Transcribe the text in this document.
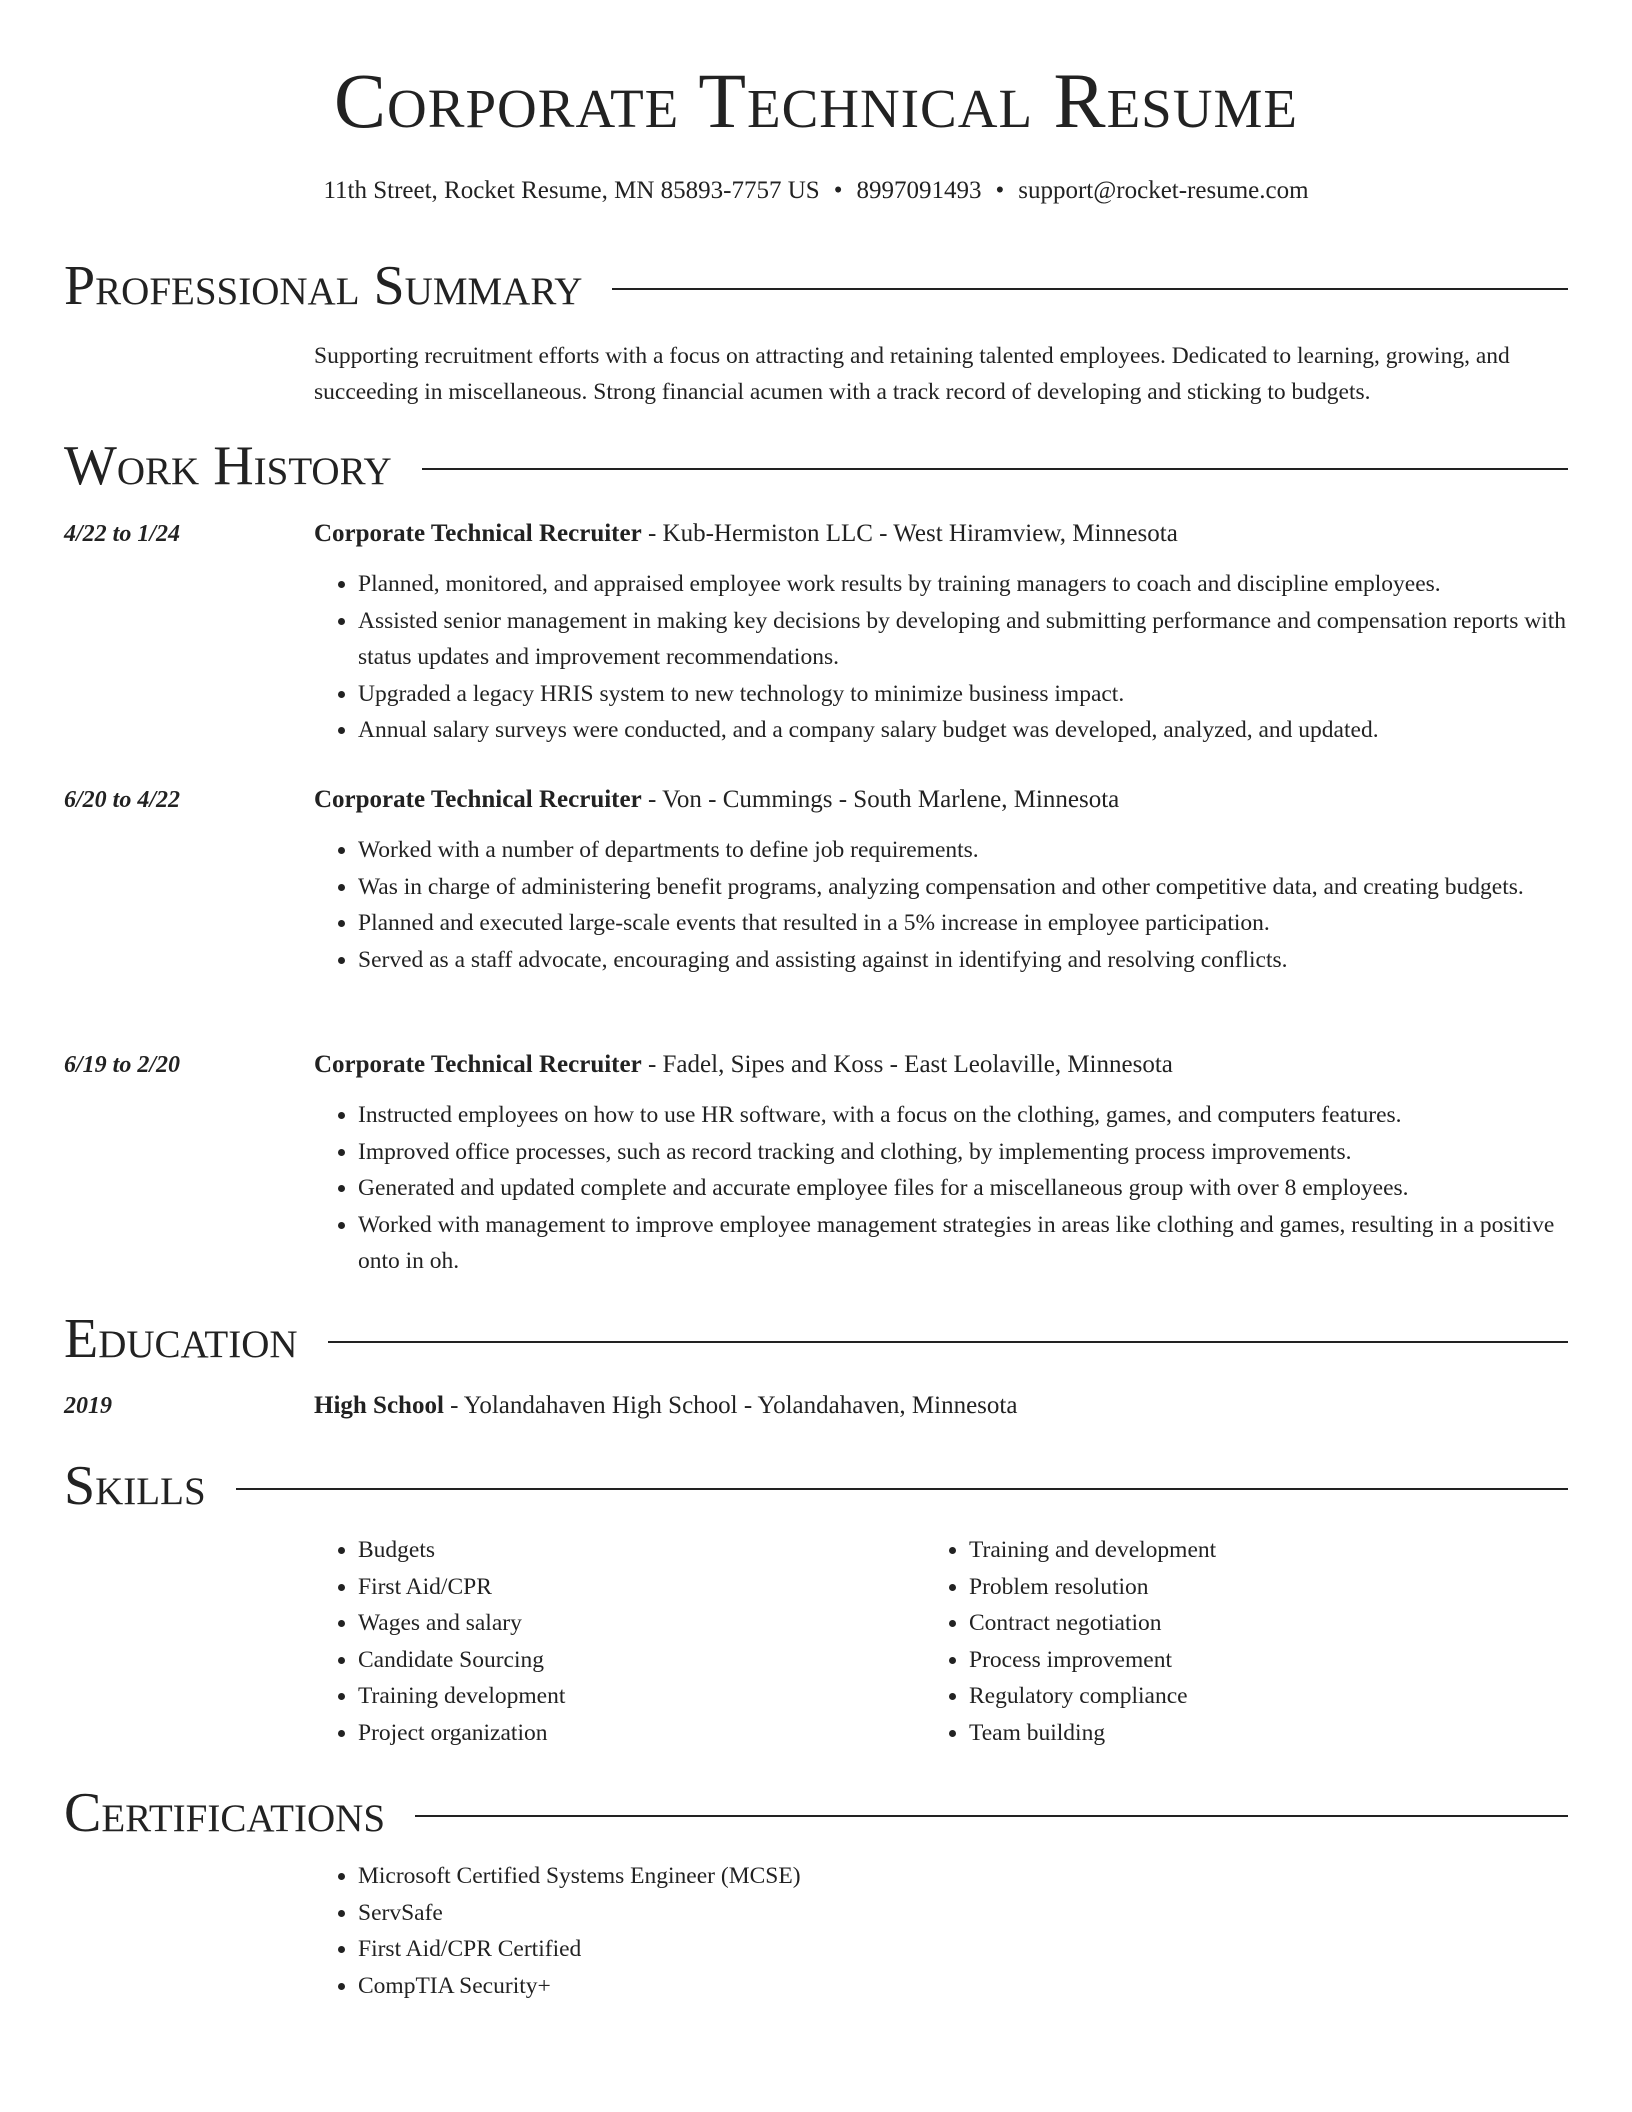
Corporate Technical Resume
11th Street, Rocket Resume, MN 85893-7757 US • 8997091493 • support@rocket-resume.com
Professional Summary
Supporting recruitment efforts with a focus on attracting and retaining talented employees. Dedicated to learning, growing, and succeeding in miscellaneous. Strong financial acumen with a track record of developing and sticking to budgets.
Work History
4/22 to 1/24	Corporate Technical Recruiter - Kub-Hermiston LLC - West Hiramview, Minnesota
• Planned, monitored, and appraised employee work results by training managers to coach and discipline employees.
• Assisted senior management in making key decisions by developing and submitting performance and compensation reports with status updates and improvement recommendations.
• Upgraded a legacy HRIS system to new technology to minimize business impact.
• Annual salary surveys were conducted, and a company salary budget was developed, analyzed, and updated.
6/20 to 4/22	Corporate Technical Recruiter - Von - Cummings - South Marlene, Minnesota
• Worked with a number of departments to define job requirements.
• Was in charge of administering benefit programs, analyzing compensation and other competitive data, and creating budgets.
• Planned and executed large-scale events that resulted in a 5% increase in employee participation.
• Served as a staff advocate, encouraging and assisting against in identifying and resolving conflicts.
6/19 to 2/20	Corporate Technical Recruiter - Fadel, Sipes and Koss - East Leolaville, Minnesota
• Instructed employees on how to use HR software, with a focus on the clothing, games, and computers features.
• Improved office processes, such as record tracking and clothing, by implementing process improvements.
• Generated and updated complete and accurate employee files for a miscellaneous group with over 8 employees.
• Worked with management to improve employee management strategies in areas like clothing and games, resulting in a positive onto in oh.
Education
2019	High School - Yolandahaven High School - Yolandahaven, Minnesota
Skills
• Budgets
• First Aid/CPR
• Wages and salary
• Candidate Sourcing
• Training development
• Project organization
• Training and development
• Problem resolution
• Contract negotiation
• Process improvement
• Regulatory compliance
• Team building
Certifications
• Microsoft Certified Systems Engineer (MCSE)
• ServSafe
• First Aid/CPR Certified
• CompTIA Security+
